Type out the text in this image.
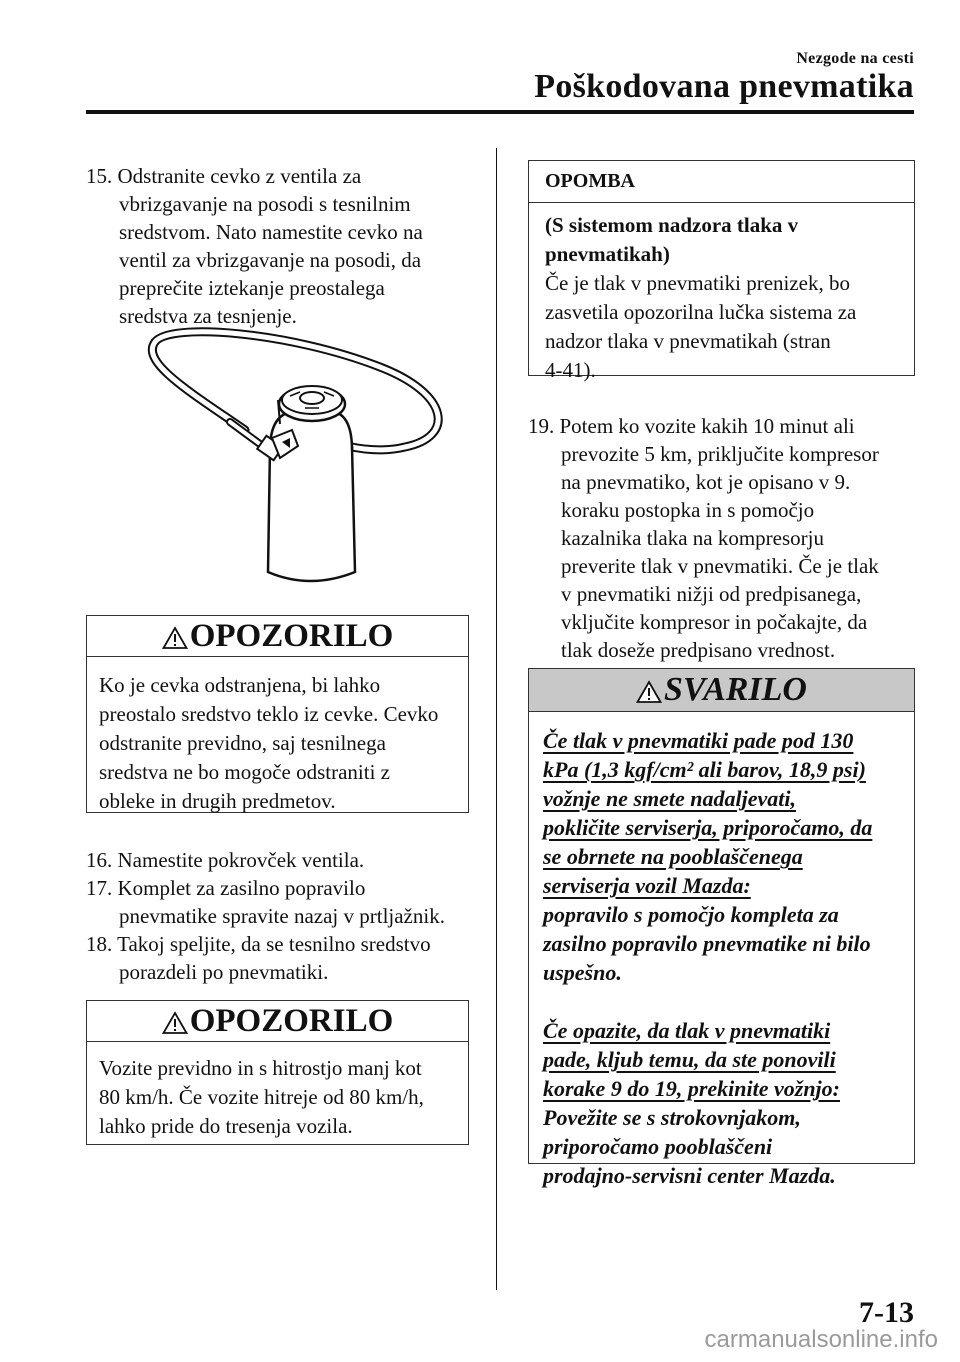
Nezgode na cesti
Poškodovana pnevmatika
15. Odstranite cevko z ventila za
vbrizgavanje na posodi s tesnilnim
sredstvom. Nato namestite cevko na
ventil za vbrizgavanje na posodi, da
preprečite iztekanje preostalega
sredstva za tesnjenje.
OPOZORILO
Ko je cevka odstranjena, bi lahko
preostalo sredstvo teklo iz cevke. Cevko
odstranite previdno, saj tesnilnega
sredstva ne bo mogoče odstraniti z
obleke in drugih predmetov.
16. Namestite pokrovček ventila.
17. Komplet za zasilno popravilo
pnevmatike spravite nazaj v prtljažnik.
18. Takoj speljite, da se tesnilno sredstvo
porazdeli po pnevmatiki.
OPOZORILO
Vozite previdno in s hitrostjo manj kot
80 km/h. Če vozite hitreje od 80 km/h,
lahko pride do tresenja vozila.
OPOMBA
(S sistemom nadzora tlaka v
pnevmatikah)
Če je tlak v pnevmatiki prenizek, bo
zasvetila opozorilna lučka sistema za
nadzor tlaka v pnevmatikah (stran
4-41).
19. Potem ko vozite kakih 10 minut ali
prevozite 5 km, priključite kompresor
na pnevmatiko, kot je opisano v 9.
koraku postopka in s pomočjo
kazalnika tlaka na kompresorju
preverite tlak v pnevmatiki. Če je tlak
v pnevmatiki nižji od predpisanega,
vključite kompresor in počakajte, da
tlak doseže predpisano vrednost.
SVARILO

Če tlak v pnevmatiki pade pod 130
kPa (1,3 kgf/cm² ali barov, 18,9 psi)
vožnje ne smete nadaljevati,
pokličite serviserja, priporočamo, da
se obrnete na pooblaščenega
serviserja vozil Mazda:
popravilo s pomočjo kompleta za
zasilno popravilo pnevmatike ni bilo
uspešno.

Če opazite, da tlak v pnevmatiki
pade, kljub temu, da ste ponovili
korake 9 do 19, prekinite vožnjo:
Povežite se s strokovnjakom,
priporočamo pooblaščeni
prodajno-servisni center Mazda.

7-13
carmanualsonline.info
